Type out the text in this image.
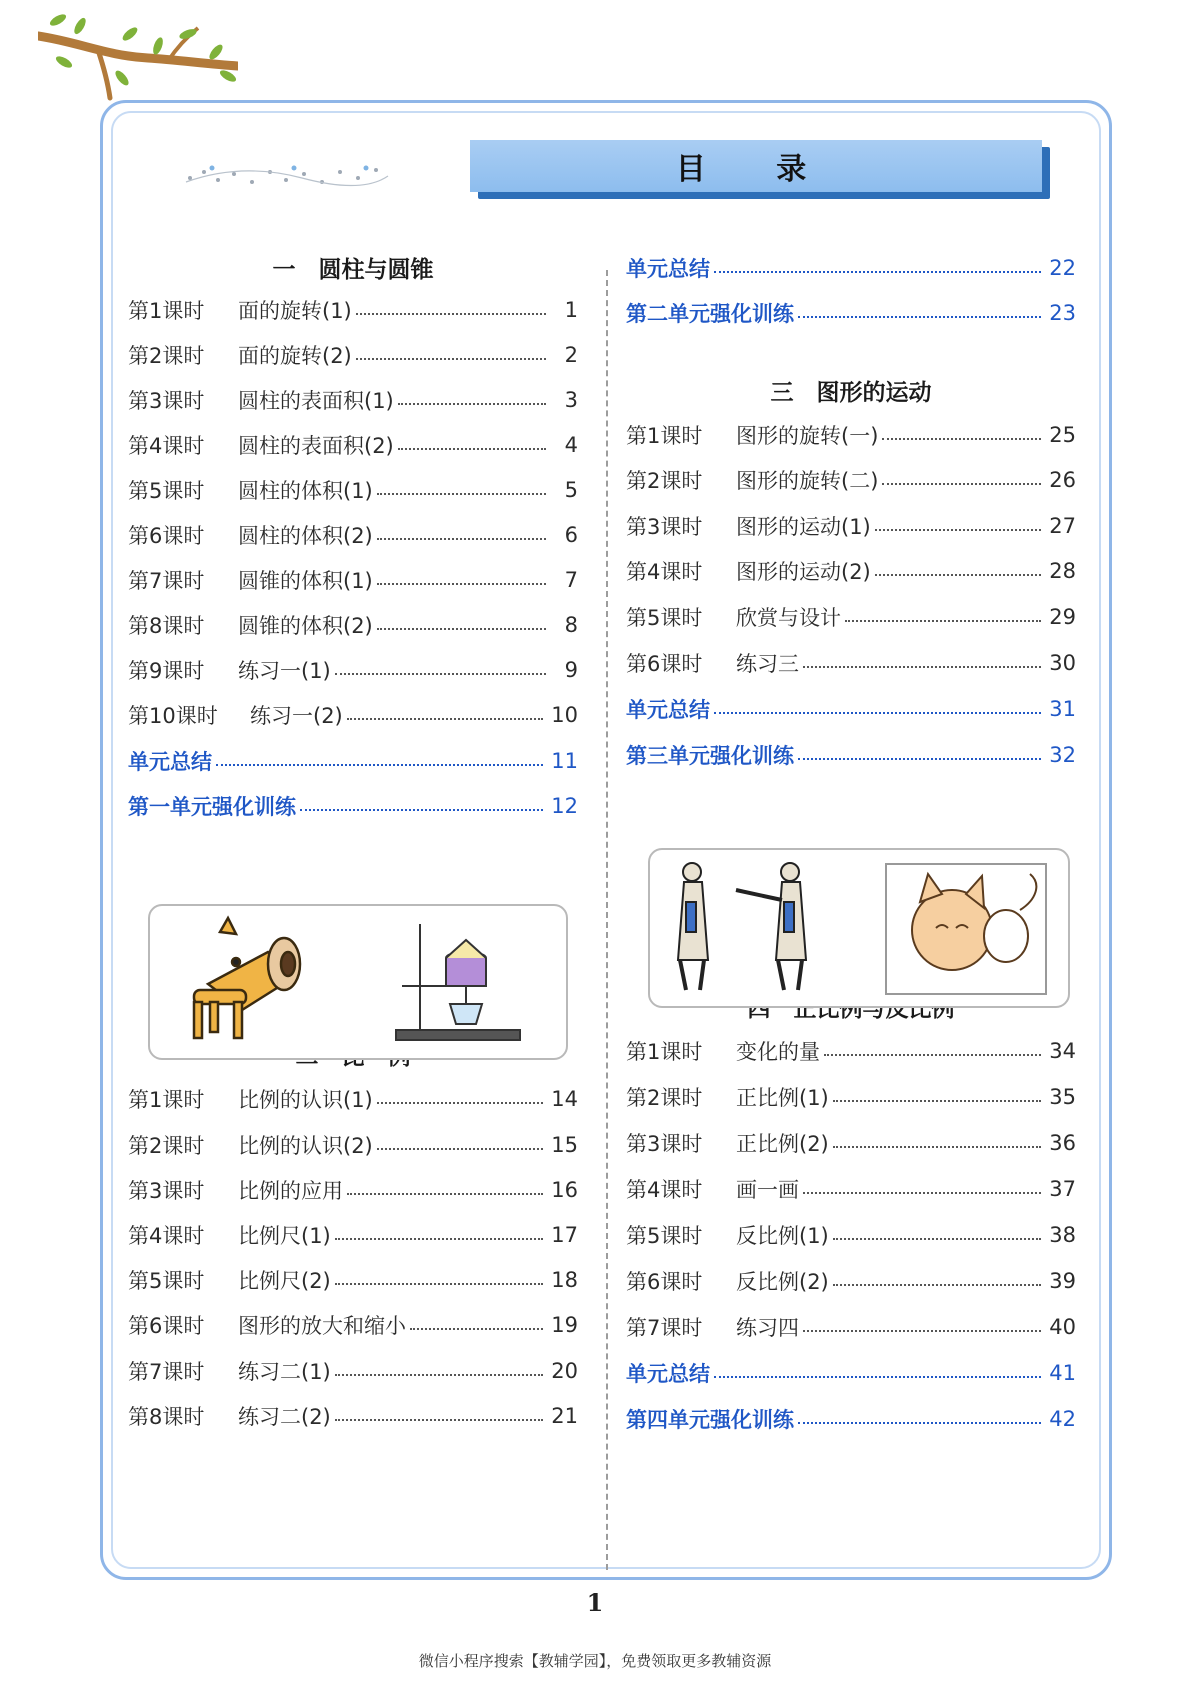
目 录
一　圆柱与圆锥
第1课时	面的旋转(1)	1
第2课时	面的旋转(2)	2
第3课时	圆柱的表面积(1)	3
第4课时	圆柱的表面积(2)	4
第5课时	圆柱的体积(1)	5
第6课时	圆柱的体积(2)	6
第7课时	圆锥的体积(1)	7
第8课时	圆锥的体积(2)	8
第9课时	练习一(1)	9
第10课时	练习一(2)	10
单元总结	11
第一单元强化训练	12
第1课时	比例的认识(1)	14
第2课时	比例的认识(2)	15
第3课时	比例的应用	16
第4课时	比例尺(1)	17
第5课时	比例尺(2)	18
第6课时	图形的放大和缩小	19
第7课时	练习二(1)	20
第8课时	练习二(2)	21
单元总结	22
第二单元强化训练	23
三　图形的运动
第1课时	图形的旋转(一)	25
第2课时	图形的旋转(二)	26
第3课时	图形的运动(1)	27
第4课时	图形的运动(2)	28
第5课时	欣赏与设计	29
第6课时	练习三	30
单元总结	31
第三单元强化训练	32
第1课时	变化的量	34
第2课时	正比例(1)	35
第3课时	正比例(2)	36
第4课时	画一画	37
第5课时	反比例(1)	38
第6课时	反比例(2)	39
第7课时	练习四	40
单元总结	41
第四单元强化训练	42
1
微信小程序搜索【教辅学园】，免费领取更多教辅资源
